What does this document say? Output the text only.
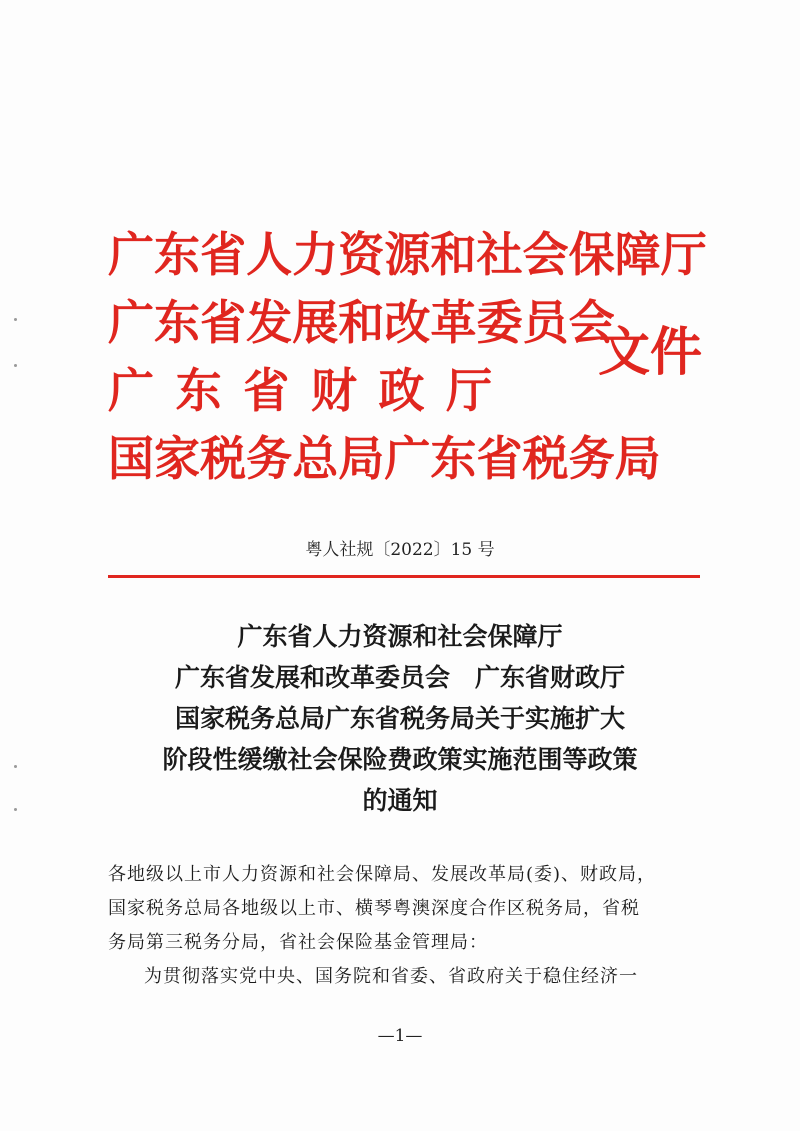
广东省人力资源和社会保障厅
广东省发展和改革委员会
广东省财政厅
国家税务总局广东省税务局
文件
粤人社规〔2022〕15 号
广东省人力资源和社会保障厅
广东省发展和改革委员会　广东省财政厅
国家税务总局广东省税务局关于实施扩大
阶段性缓缴社会保险费政策实施范围等政策
的通知
各地级以上市人力资源和社会保障局、发展改革局(委)、财政局，
国家税务总局各地级以上市、横琴粤澳深度合作区税务局，省税
务局第三税务分局，省社会保险基金管理局：
为贯彻落实党中央、国务院和省委、省政府关于稳住经济一
—1—
